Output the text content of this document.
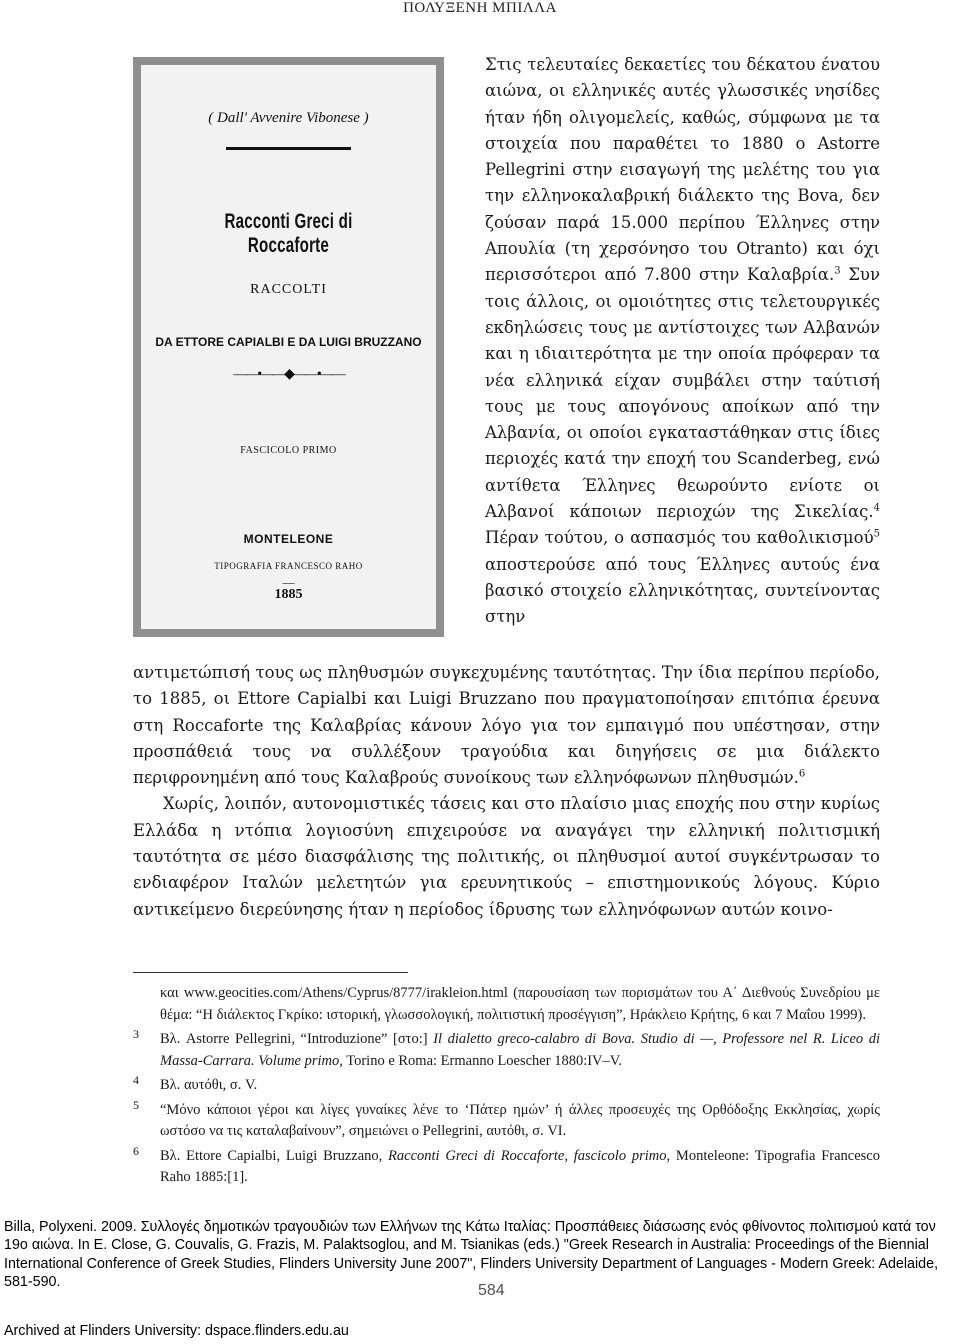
ΠΟΛΥΞΕΝΗ ΜΠΙΛΛΑ
( Dall' Avvenire Vibonese )
Racconti Greci di Roccaforte
RACCOLTI
DA ETTORE CAPIALBI E DA LUIGI BRUZZANO
——•——◆——•——
FASCICOLO PRIMO
MONTELEONE
TIPOGRAFIA FRANCESCO RAHO
—
1885
Στις τελευταίες δεκαετίες του δέκατου ένατου αιώνα, οι ελληνικές αυτές γλωσσικές νησίδες ήταν ήδη ολιγομελείς, καθώς, σύμφωνα με τα στοιχεία που παραθέτει το 1880 ο Astorre Pellegrini στην εισαγωγή της μελέτης του για την ελληνοκαλαβρική διάλεκτο της Bova, δεν ζούσαν παρά 15.000 περίπου Έλληνες στην Απουλία (τη χερσόνησο του Otranto) και όχι περισσότεροι από 7.800 στην Καλαβρία.$^3$ Συν τοις άλλοις, οι ομοιότητες στις τελετουργικές εκδηλώσεις τους με αντίστοιχες των Αλβανών και η ιδιαιτερότητα με την οποία πρόφεραν τα νέα ελληνικά είχαν συμβάλει στην ταύτισή τους με τους απογόνους αποίκων από την Αλβανία, οι οποίοι εγκαταστάθηκαν στις ίδιες περιοχές κατά την εποχή του Scanderbeg, ενώ αντίθετα Έλληνες θεωρούντο ενίοτε οι Αλβανοί κάποιων περιοχών της Σικελίας.$^4$ Πέραν τούτου, ο ασπασμός του καθολικισμού$^5$ αποστερούσε από τους Έλληνες αυτούς ένα βασικό στοιχείο ελληνικότητας, συντείνοντας στην

αντιμετώπισή τους ως πληθυσμών συγκεχυμένης ταυτότητας. Την ίδια περίπου περίοδο, το 1885, οι Ettore Capialbi και Luigi Bruzzano που πραγματοποίησαν επιτόπια έρευνα στη Roccaforte της Καλαβρίας κάνουν λόγο για τον εμπαιγμό που υπέστησαν, στην προσπάθειά τους να συλλέξουν τραγούδια και διηγήσεις σε μια διάλεκτο περιφρονημένη από τους Καλαβρούς συνοίκους των ελληνόφωνων πληθυσμών.$^6$

Χωρίς, λοιπόν, αυτονομιστικές τάσεις και στο πλαίσιο μιας εποχής που στην κυρίως Ελλάδα η ντόπια λογιοσύνη επιχειρούσε να αναγάγει την ελληνική πολιτισμική ταυτότητα σε μέσο διασφάλισης της πολιτικής, οι πληθυσμοί αυτοί συγκέντρωσαν το ενδιαφέρον Ιταλών μελετητών για ερευνητικούς – επιστημονικούς λόγους. Κύριο αντικείμενο διερεύνησης ήταν η περίοδος ίδρυσης των ελληνόφωνων αυτών κοινο-

και www.geocities.com/Athens/Cyprus/8777/irakleion.html (παρουσίαση των πορισμάτων του Α΄ Διεθνούς Συνεδρίου με θέμα: “Η διάλεκτος Γκρίκο: ιστορική, γλωσσολογική, πολιτιστική προσέγγιση”, Ηράκλειο Κρήτης, 6 και 7 Μαΐου 1999).
3 Βλ. Astorre Pellegrini, “Introduzione” [στο:] Il dialetto greco-calabro di Bova. Studio di —, Professore nel R. Liceo di Massa-Carrara. Volume primo, Torino e Roma: Ermanno Loescher 1880:IV–V.
4 Βλ. αυτόθι, σ. V.
5 “Μόνο κάποιοι γέροι και λίγες γυναίκες λένε το ‘Πάτερ ημών’ ή άλλες προσευχές της Ορθόδοξης Εκκλησίας, χωρίς ωστόσο να τις καταλαβαίνουν”, σημειώνει ο Pellegrini, αυτόθι, σ. VI.
6 Βλ. Ettore Capialbi, Luigi Bruzzano, Racconti Greci di Roccaforte, fascicolo primo, Monteleone: Tipografia Francesco Raho 1885:[1].
Billa, Polyxeni. 2009. Συλλογές δημοτικών τραγουδιών των Ελλήνων της Κάτω Ιταλίας: Προσπάθειες διάσωσης ενός φθίνοντος πολιτισμού κατά τον 19ο αιώνα. In E. Close, G. Couvalis, G. Frazis, M. Palaktsoglou, and M. Tsianikas (eds.) "Greek Research in Australia: Proceedings of the Biennial International Conference of Greek Studies, Flinders University June 2007", Flinders University Department of Languages - Modern Greek: Adelaide, 581-590.
584
Archived at Flinders University: dspace.flinders.edu.au
